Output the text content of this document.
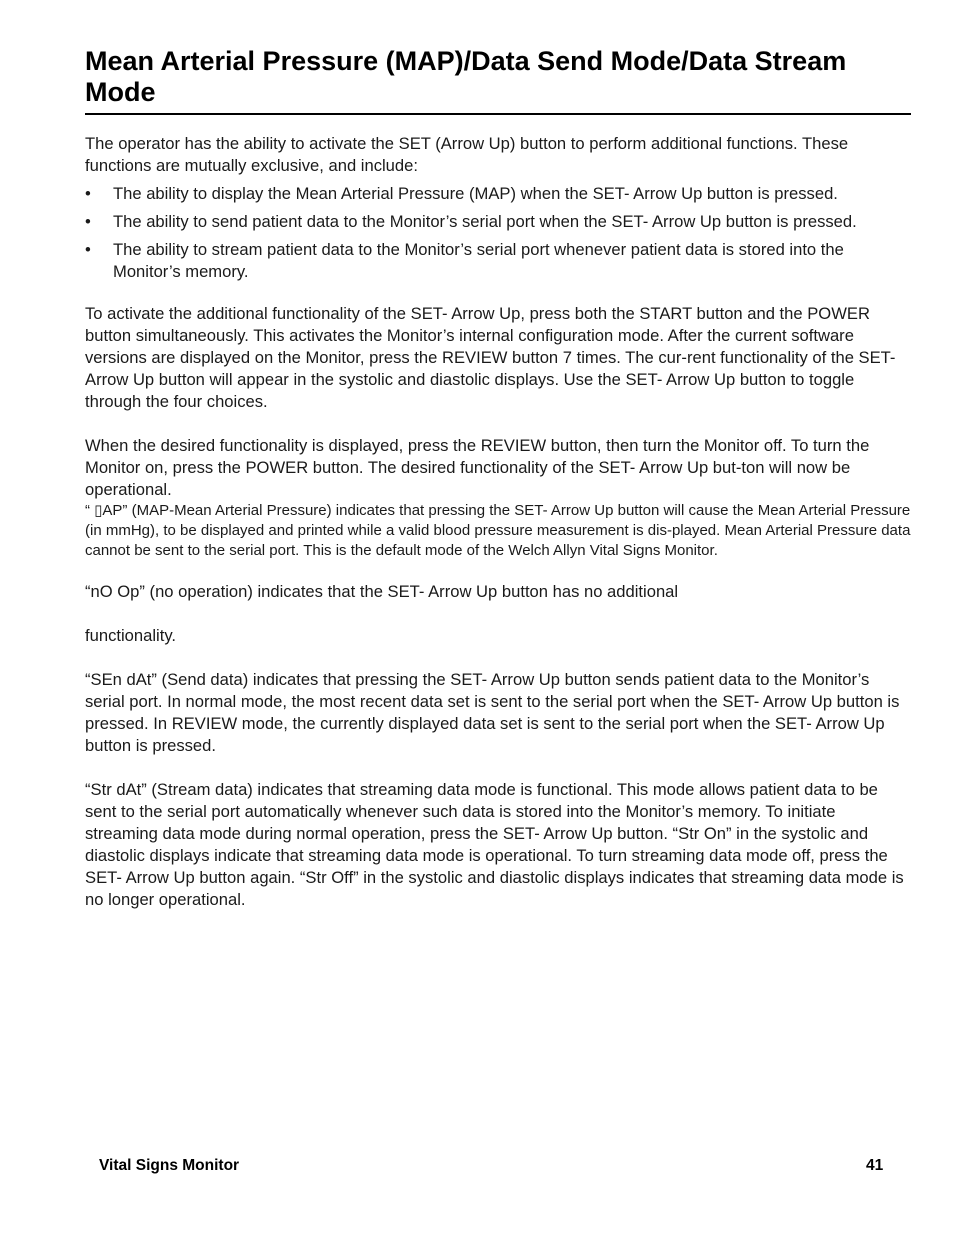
Mean Arterial Pressure (MAP)/Data Send Mode/Data Stream Mode

The operator has the ability to activate the SET (Arrow Up) button to perform additional functions. These functions are mutually exclusive, and include:

• The ability to display the Mean Arterial Pressure (MAP) when the SET- Arrow Up button is pressed.
• The ability to send patient data to the Monitor’s serial port when the SET- Arrow Up button is pressed.
• The ability to stream patient data to the Monitor’s serial port whenever patient data is stored into the Monitor’s memory.

To activate the additional functionality of the SET- Arrow Up, press both the START button and the POWER button simultaneously. This activates the Monitor’s internal configuration mode. After the current software versions are displayed on the Monitor, press the REVIEW button 7 times. The cur-rent functionality of the SET- Arrow Up button will appear in the systolic and diastolic displays. Use the SET- Arrow Up button to toggle through the four choices.

When the desired functionality is displayed, press the REVIEW button, then turn the Monitor off. To turn the Monitor on, press the POWER button. The desired functionality of the SET- Arrow Up but-ton will now be operational.

“ ▯AP” (MAP-Mean Arterial Pressure) indicates that pressing the SET- Arrow Up button will cause the Mean Arterial Pressure (in mmHg), to be displayed and printed while a valid blood pressure measurement is dis-played. Mean Arterial Pressure data cannot be sent to the serial port. This is the default mode of the Welch Allyn Vital Signs Monitor.

“nO Op” (no operation) indicates that the SET- Arrow Up button has no additional

functionality.

“SEn dAt” (Send data) indicates that pressing the SET- Arrow Up button sends patient data to the Monitor’s serial port. In normal mode, the most recent data set is sent to the serial port when the SET- Arrow Up button is pressed. In REVIEW mode, the currently displayed data set is sent to the serial port when the SET- Arrow Up button is pressed.

“Str dAt” (Stream data) indicates that streaming data mode is functional. This mode allows patient data to be sent to the serial port automatically whenever such data is stored into the Monitor’s memory. To initiate streaming data mode during normal operation, press the SET- Arrow Up button. “Str On” in the systolic and diastolic displays indicate that streaming data mode is operational. To turn streaming data mode off, press the SET- Arrow Up button again. “Str Off” in the systolic and diastolic displays indicates that streaming data mode is no longer operational.

Vital Signs Monitor	41
